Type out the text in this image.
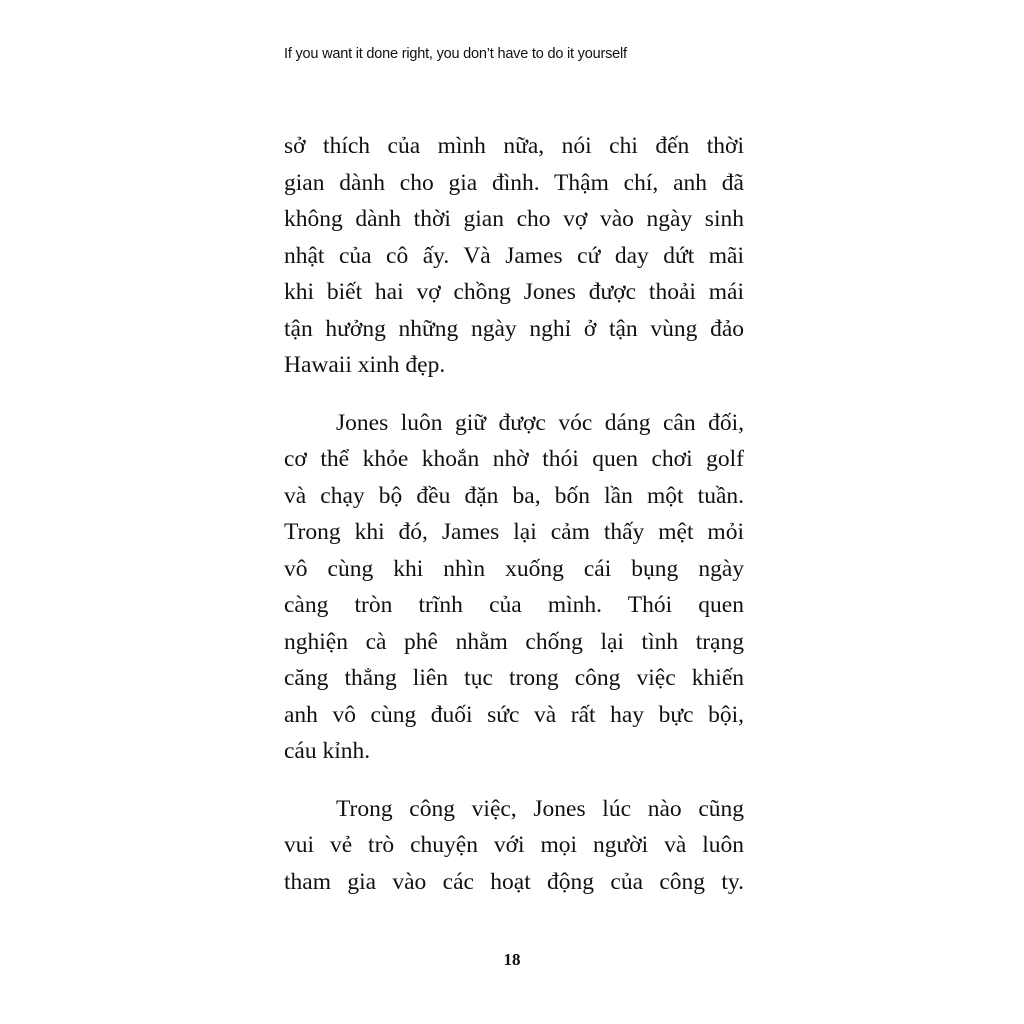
If you want it done right, you don’t have to do it yourself
sở thích của mình nữa, nói chi đến thời
gian dành cho gia đình. Thậm chí, anh đã
không dành thời gian cho vợ vào ngày sinh
nhật của cô ấy. Và James cứ day dứt mãi
khi biết hai vợ chồng Jones được thoải mái
tận hưởng những ngày nghỉ ở tận vùng đảo
Hawaii xinh đẹp.
Jones luôn giữ được vóc dáng cân đối,
cơ thể khỏe khoắn nhờ thói quen chơi golf
và chạy bộ đều đặn ba, bốn lần một tuần.
Trong khi đó, James lại cảm thấy mệt mỏi
vô cùng khi nhìn xuống cái bụng ngày
càng tròn trĩnh của mình. Thói quen
nghiện cà phê nhằm chống lại tình trạng
căng thẳng liên tục trong công việc khiến
anh vô cùng đuối sức và rất hay bực bội,
cáu kỉnh.
Trong công việc, Jones lúc nào cũng
vui vẻ trò chuyện với mọi người và luôn
tham gia vào các hoạt động của công ty.
18
